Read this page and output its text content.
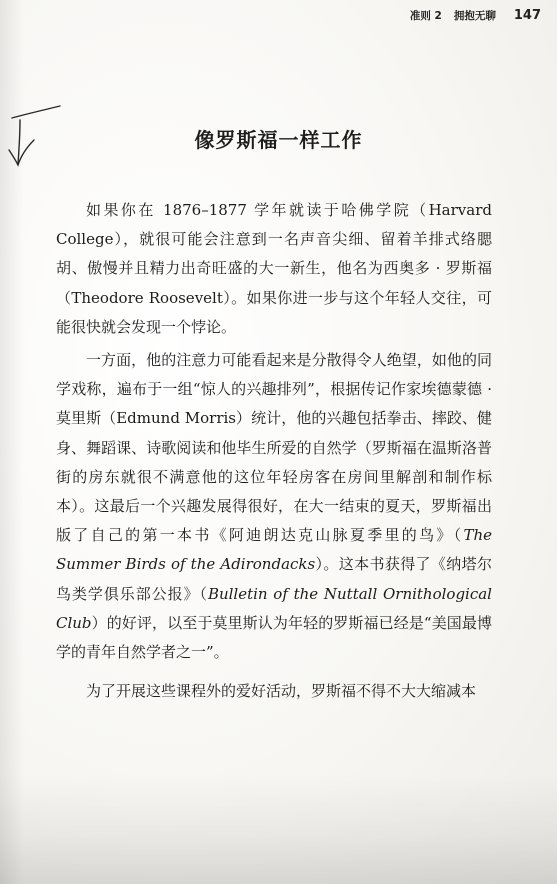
准则 2 拥抱无聊 147
像罗斯福一样工作

如果你在 1876–1877 学年就读于哈佛学院（Harvard College），就很可能会注意到一名声音尖细、留着羊排式络腮胡、傲慢并且精力出奇旺盛的大一新生，他名为西奥多 · 罗斯福（Theodore Roosevelt）。如果你进一步与这个年轻人交往，可能很快就会发现一个悖论。

一方面，他的注意力可能看起来是分散得令人绝望，如他的同学戏称，遍布于一组“惊人的兴趣排列”，根据传记作家埃德蒙德 · 莫里斯（Edmund Morris）统计，他的兴趣包括拳击、摔跤、健身、舞蹈课、诗歌阅读和他毕生所爱的自然学（罗斯福在温斯洛普街的房东就很不满意他的这位年轻房客在房间里解剖和制作标本）。这最后一个兴趣发展得很好，在大一结束的夏天，罗斯福出版了自己的第一本书《阿迪朗达克山脉夏季里的鸟》（The Summer Birds of the Adirondacks）。这本书获得了《纳塔尔鸟类学俱乐部公报》（Bulletin of the Nuttall Ornithological Club）的好评，以至于莫里斯认为年轻的罗斯福已经是“美国最博学的青年自然学者之一”。

为了开展这些课程外的爱好活动，罗斯福不得不大大缩减本
